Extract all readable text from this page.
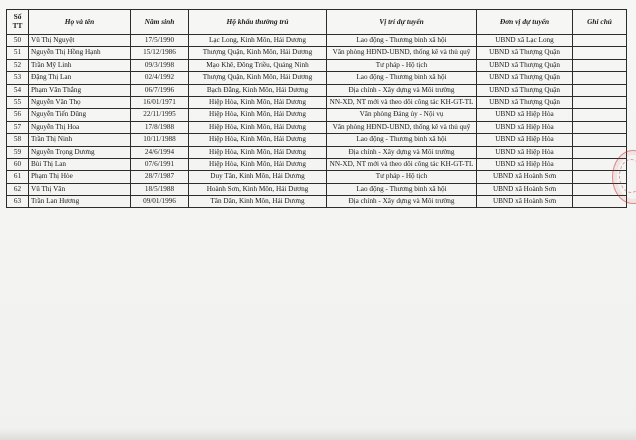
Số
TT	Họ và tên	Năm sinh	Hộ khẩu thường trú	Vị trí dự tuyển	Đơn vị dự tuyển	Ghi chú
50	Vũ Thị Nguyệt	17/5/1990	Lạc Long, Kinh Môn, Hải Dương	Lao động - Thương binh xã hội	UBND xã Lạc Long	
51	Nguyễn Thị Hồng Hạnh	15/12/1986	Thượng Quận, Kinh Môn, Hải Dương	Văn phòng HĐND-UBND, thống kê và thủ quỹ	UBND xã Thượng Quận	
52	Trần Mỹ Linh	09/3/1998	Mạo Khê, Đông Triều, Quảng Ninh	Tư pháp - Hộ tịch	UBND xã Thượng Quận	
53	Đặng Thị Lan	02/4/1992	Thượng Quận, Kinh Môn, Hải Dương	Lao động - Thương binh xã hội	UBND xã Thượng Quận	
54	Phạm Văn Thắng	06/7/1996	Bạch Đằng, Kinh Môn, Hải Dương	Địa chính - Xây dựng và Môi trường	UBND xã Thượng Quận	
55	Nguyễn Văn Thọ	16/01/1971	Hiệp Hòa, Kinh Môn, Hải Dương	NN-XD, NT mới và theo dõi công tác KH-GT-TL	UBND xã Thượng Quận	
56	Nguyễn Tiến Dũng	22/11/1995	Hiệp Hòa, Kinh Môn, Hải Dương	Văn phòng Đảng ủy - Nội vụ	UBND xã Hiệp Hòa	
57	Nguyễn Thị Hoa	17/8/1988	Hiệp Hòa, Kinh Môn, Hải Dương	Văn phòng HĐND-UBND, thống kê và thủ quỹ	UBND xã Hiệp Hòa	
58	Trần Thị Ninh	10/11/1988	Hiệp Hòa, Kinh Môn, Hải Dương	Lao động - Thương binh xã hội	UBND xã Hiệp Hòa	
59	Nguyễn Trọng Dương	24/6/1994	Hiệp Hòa, Kinh Môn, Hải Dương	Địa chính - Xây dựng và Môi trường	UBND xã Hiệp Hòa	
60	Bùi Thị Lan	07/6/1991	Hiệp Hòa, Kinh Môn, Hải Dương	NN-XD, NT mới và theo dõi công tác KH-GT-TL	UBND xã Hiệp Hòa	
61	Phạm Thị Hòe	28/7/1987	Duy Tân, Kinh Môn, Hải Dương	Tư pháp - Hộ tịch	UBND xã Hoành Sơn	
62	Vũ Thị Vân	18/5/1988	Hoành Sơn, Kinh Môn, Hải Dương	Lao động - Thương binh xã hội	UBND xã Hoành Sơn	
63	Trần Lan Hương	09/01/1996	Tân Dân, Kinh Môn, Hải Dương	Địa chính - Xây dựng và Môi trường	UBND xã Hoành Sơn	
